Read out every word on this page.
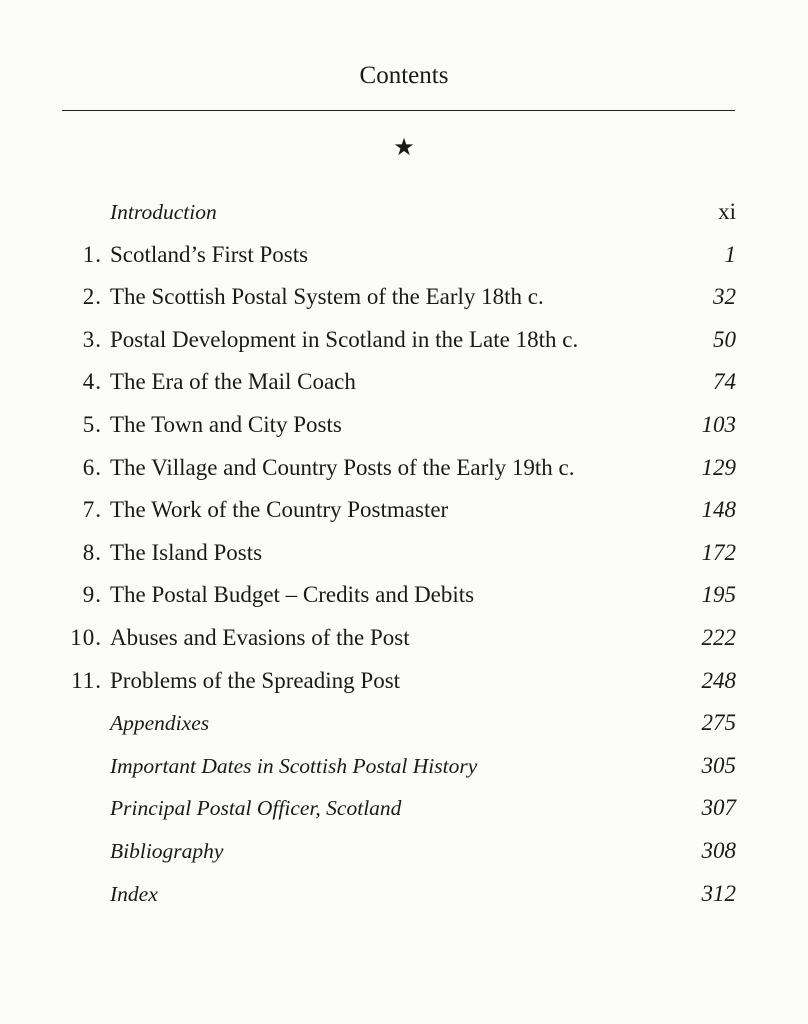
Contents
★
Introduction	xi
1. Scotland’s First Posts	1
2. The Scottish Postal System of the Early 18th c.	32
3. Postal Development in Scotland in the Late 18th c.	50
4. The Era of the Mail Coach	74
5. The Town and City Posts	103
6. The Village and Country Posts of the Early 19th c.	129
7. The Work of the Country Postmaster	148
8. The Island Posts	172
9. The Postal Budget – Credits and Debits	195
10. Abuses and Evasions of the Post	222
11. Problems of the Spreading Post	248
Appendixes	275
Important Dates in Scottish Postal History	305
Principal Postal Officer, Scotland	307
Bibliography	308
Index	312
